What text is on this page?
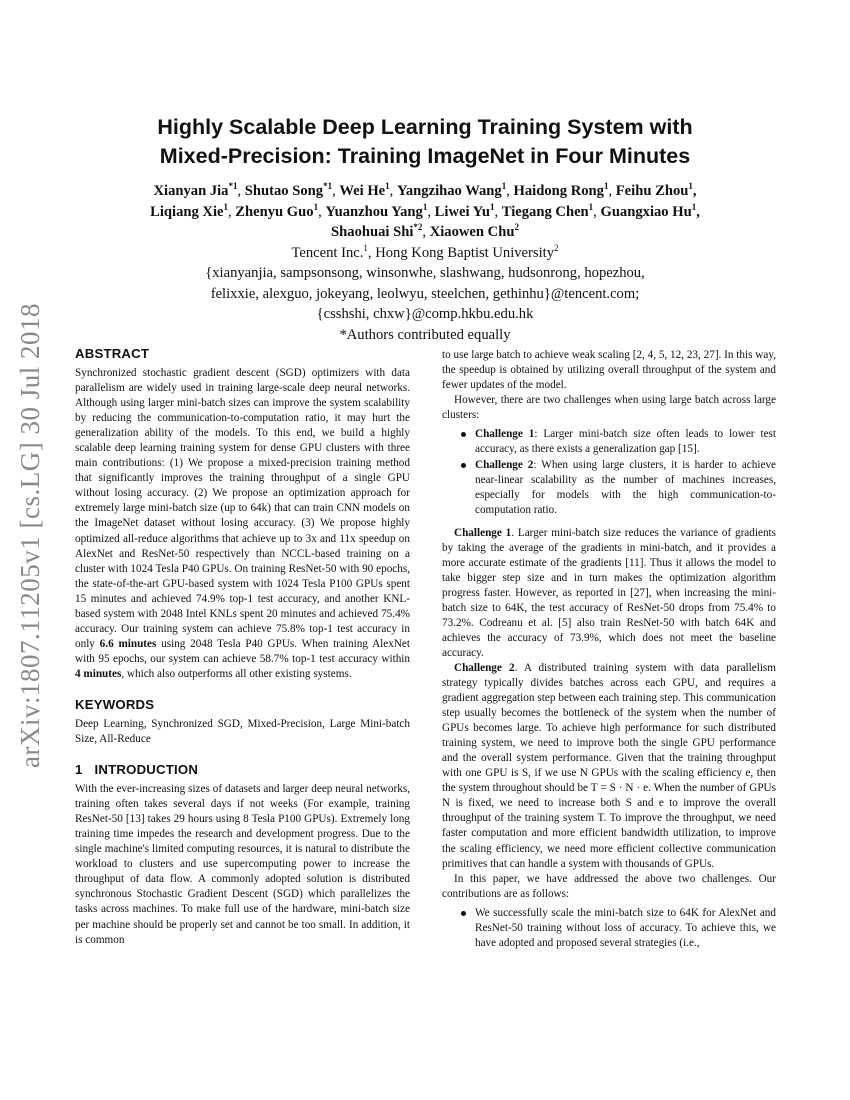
arXiv:1807.11205v1 [cs.LG] 30 Jul 2018
Highly Scalable Deep Learning Training System with
Mixed-Precision: Training ImageNet in Four Minutes
Xianyan Jia$^{*1}$, Shutao Song$^{*1}$, Wei He$^1$, Yangzihao Wang$^1$, Haidong Rong$^1$, Feihu Zhou$^1$,
Liqiang Xie$^1$, Zhenyu Guo$^1$, Yuanzhou Yang$^1$, Liwei Yu$^1$, Tiegang Chen$^1$, Guangxiao Hu$^1$,
Shaohuai Shi$^{*2}$, Xiaowen Chu$^2$
Tencent Inc.$^1$, Hong Kong Baptist University$^2$
{xianyanjia, sampsonsong, winsonwhe, slashwang, hudsonrong, hopezhou,
felixxie, alexguo, jokeyang, leolwyu, steelchen, gethinhu}@tencent.com;
{csshshi, chxw}@comp.hkbu.edu.hk
*Authors contributed equally
ABSTRACT

Synchronized stochastic gradient descent (SGD) optimizers with data parallelism are widely used in training large-scale deep neural networks. Although using larger mini-batch sizes can improve the system scalability by reducing the communication-to-computation ratio, it may hurt the generalization ability of the models. To this end, we build a highly scalable deep learning training system for dense GPU clusters with three main contributions: (1) We propose a mixed-precision training method that significantly improves the training throughput of a single GPU without losing accuracy. (2) We propose an optimization approach for extremely large mini-batch size (up to 64k) that can train CNN models on the ImageNet dataset without losing accuracy. (3) We propose highly optimized all-reduce algorithms that achieve up to 3x and 11x speedup on AlexNet and ResNet-50 respectively than NCCL-based training on a cluster with 1024 Tesla P40 GPUs. On training ResNet-50 with 90 epochs, the state-of-the-art GPU-based system with 1024 Tesla P100 GPUs spent 15 minutes and achieved 74.9% top-1 test accuracy, and another KNL-based system with 2048 Intel KNLs spent 20 minutes and achieved 75.4% accuracy. Our training system can achieve 75.8% top-1 test accuracy in only 6.6 minutes using 2048 Tesla P40 GPUs. When training AlexNet with 95 epochs, our system can achieve 58.7% top-1 test accuracy within 4 minutes, which also outperforms all other existing systems.

KEYWORDS

Deep Learning, Synchronized SGD, Mixed-Precision, Large Mini-batch Size, All-Reduce

1 INTRODUCTION

With the ever-increasing sizes of datasets and larger deep neural networks, training often takes several days if not weeks (For example, training ResNet-50 [13] takes 29 hours using 8 Tesla P100 GPUs). Extremely long training time impedes the research and development progress. Due to the single machine's limited computing resources, it is natural to distribute the workload to clusters and use supercomputing power to increase the throughput of data flow. A commonly adopted solution is distributed synchronous Stochastic Gradient Descent (SGD) which parallelizes the tasks across machines. To make full use of the hardware, mini-batch size per machine should be properly set and cannot be too small. In addition, it is common

to use large batch to achieve weak scaling [2, 4, 5, 12, 23, 27]. In this way, the speedup is obtained by utilizing overall throughput of the system and fewer updates of the model.

However, there are two challenges when using large batch across large clusters:

Challenge 1: Larger mini-batch size often leads to lower test accuracy, as there exists a generalization gap [15].
Challenge 2: When using large clusters, it is harder to achieve near-linear scalability as the number of machines increases, especially for models with the high communication-to-computation ratio.

Challenge 1. Larger mini-batch size reduces the variance of gradients by taking the average of the gradients in mini-batch, and it provides a more accurate estimate of the gradients [11]. Thus it allows the model to take bigger step size and in turn makes the optimization algorithm progress faster. However, as reported in [27], when increasing the mini-batch size to 64K, the test accuracy of ResNet-50 drops from 75.4% to 73.2%. Codreanu et al. [5] also train ResNet-50 with batch 64K and achieves the accuracy of 73.9%, which does not meet the baseline accuracy.

Challenge 2. A distributed training system with data parallelism strategy typically divides batches across each GPU, and requires a gradient aggregation step between each training step. This communication step usually becomes the bottleneck of the system when the number of GPUs becomes large. To achieve high performance for such distributed training system, we need to improve both the single GPU performance and the overall system performance. Given that the training throughput with one GPU is S, if we use N GPUs with the scaling efficiency e, then the system throughout should be T = S · N · e. When the number of GPUs N is fixed, we need to increase both S and e to improve the overall throughput of the training system T. To improve the throughput, we need faster computation and more efficient bandwidth utilization, to improve the scaling efficiency, we need more efficient collective communication primitives that can handle a system with thousands of GPUs.

In this paper, we have addressed the above two challenges. Our contributions are as follows:

We successfully scale the mini-batch size to 64K for AlexNet and ResNet-50 training without loss of accuracy. To achieve this, we have adopted and proposed several strategies (i.e.,
